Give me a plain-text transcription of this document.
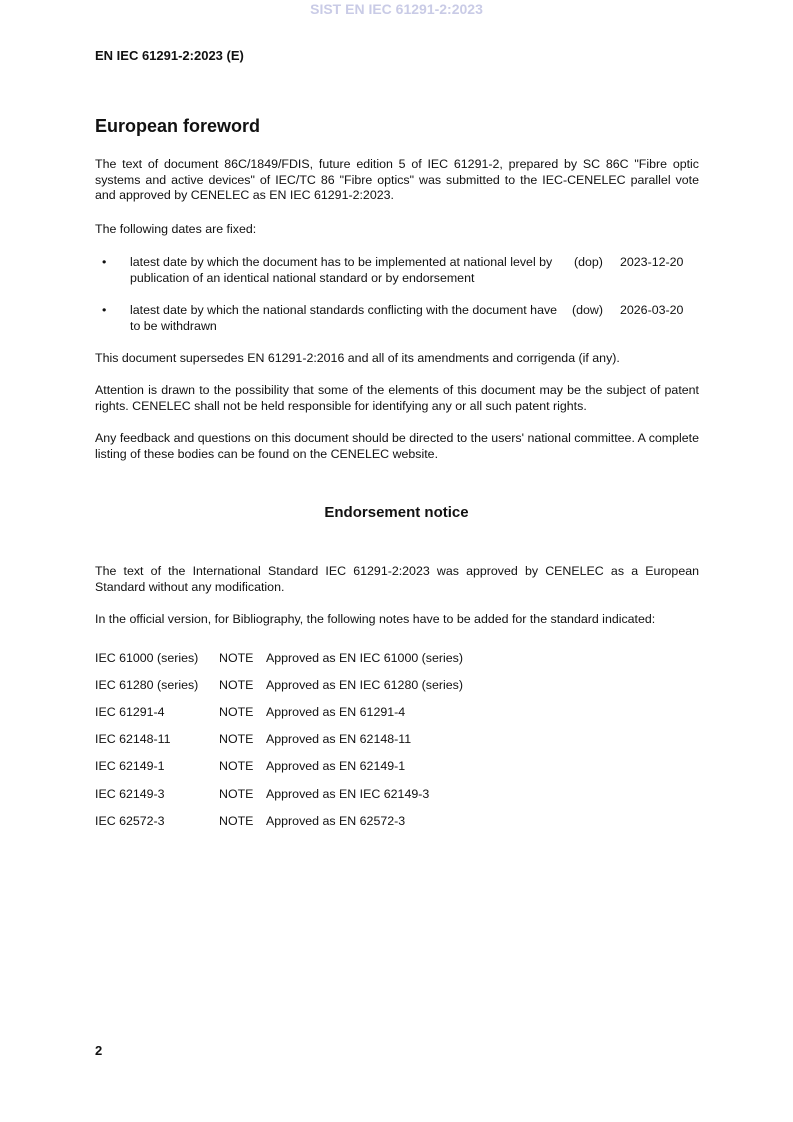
SIST EN IEC 61291-2:2023
EN IEC 61291-2:2023 (E)
European foreword

The text of document 86C/1849/FDIS, future edition 5 of IEC 61291-2, prepared by SC 86C "Fibre optic systems and active devices" of IEC/TC 86 "Fibre optics" was submitted to the IEC-CENELEC parallel vote and approved by CENELEC as EN IEC 61291-2:2023.

The following dates are fixed:

• latest date by which the document has to be implemented at national level by publication of an identical national standard or by endorsement
(dop) 2023-12-20
• latest date by which the national standards conflicting with the document have to be withdrawn
(dow) 2026-03-20

This document supersedes EN 61291-2:2016 and all of its amendments and corrigenda (if any).

Attention is drawn to the possibility that some of the elements of this document may be the subject of patent rights. CENELEC shall not be held responsible for identifying any or all such patent rights.

Any feedback and questions on this document should be directed to the users' national committee. A complete listing of these bodies can be found on the CENELEC website.

Endorsement notice

The text of the International Standard IEC 61291-2:2023 was approved by CENELEC as a European Standard without any modification.

In the official version, for Bibliography, the following notes have to be added for the standard indicated:

IEC 61000 (series) NOTE Approved as EN IEC 61000 (series)
IEC 61280 (series) NOTE Approved as EN IEC 61280 (series)
IEC 61291-4	NOTE Approved as EN 61291-4
IEC 62148-11	NOTE Approved as EN 62148-11
IEC 62149-1	NOTE Approved as EN 62149-1
IEC 62149-3	NOTE Approved as EN IEC 62149-3
IEC 62572-3	NOTE Approved as EN 62572-3
2
